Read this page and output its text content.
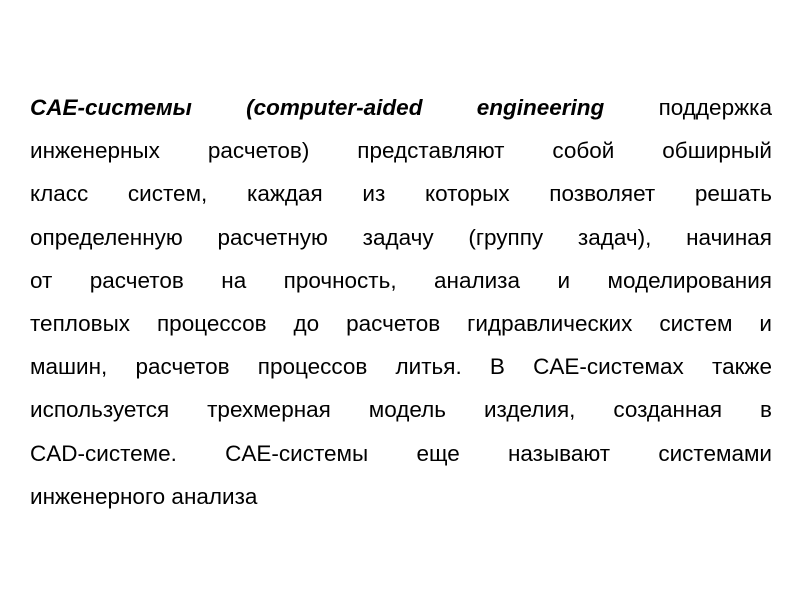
CAE-системы (computer-aided engineering поддержка
инженерных расчетов) представляют собой обширный
класс систем, каждая из которых позволяет решать
определенную расчетную задачу (группу задач), начиная
от расчетов на прочность, анализа и моделирования
тепловых процессов до расчетов гидравлических систем и
машин, расчетов процессов литья. В CAE-системах также
используется трехмерная модель изделия, созданная в
CAD-системе. CAE-системы еще называют системами
инженерного анализа
